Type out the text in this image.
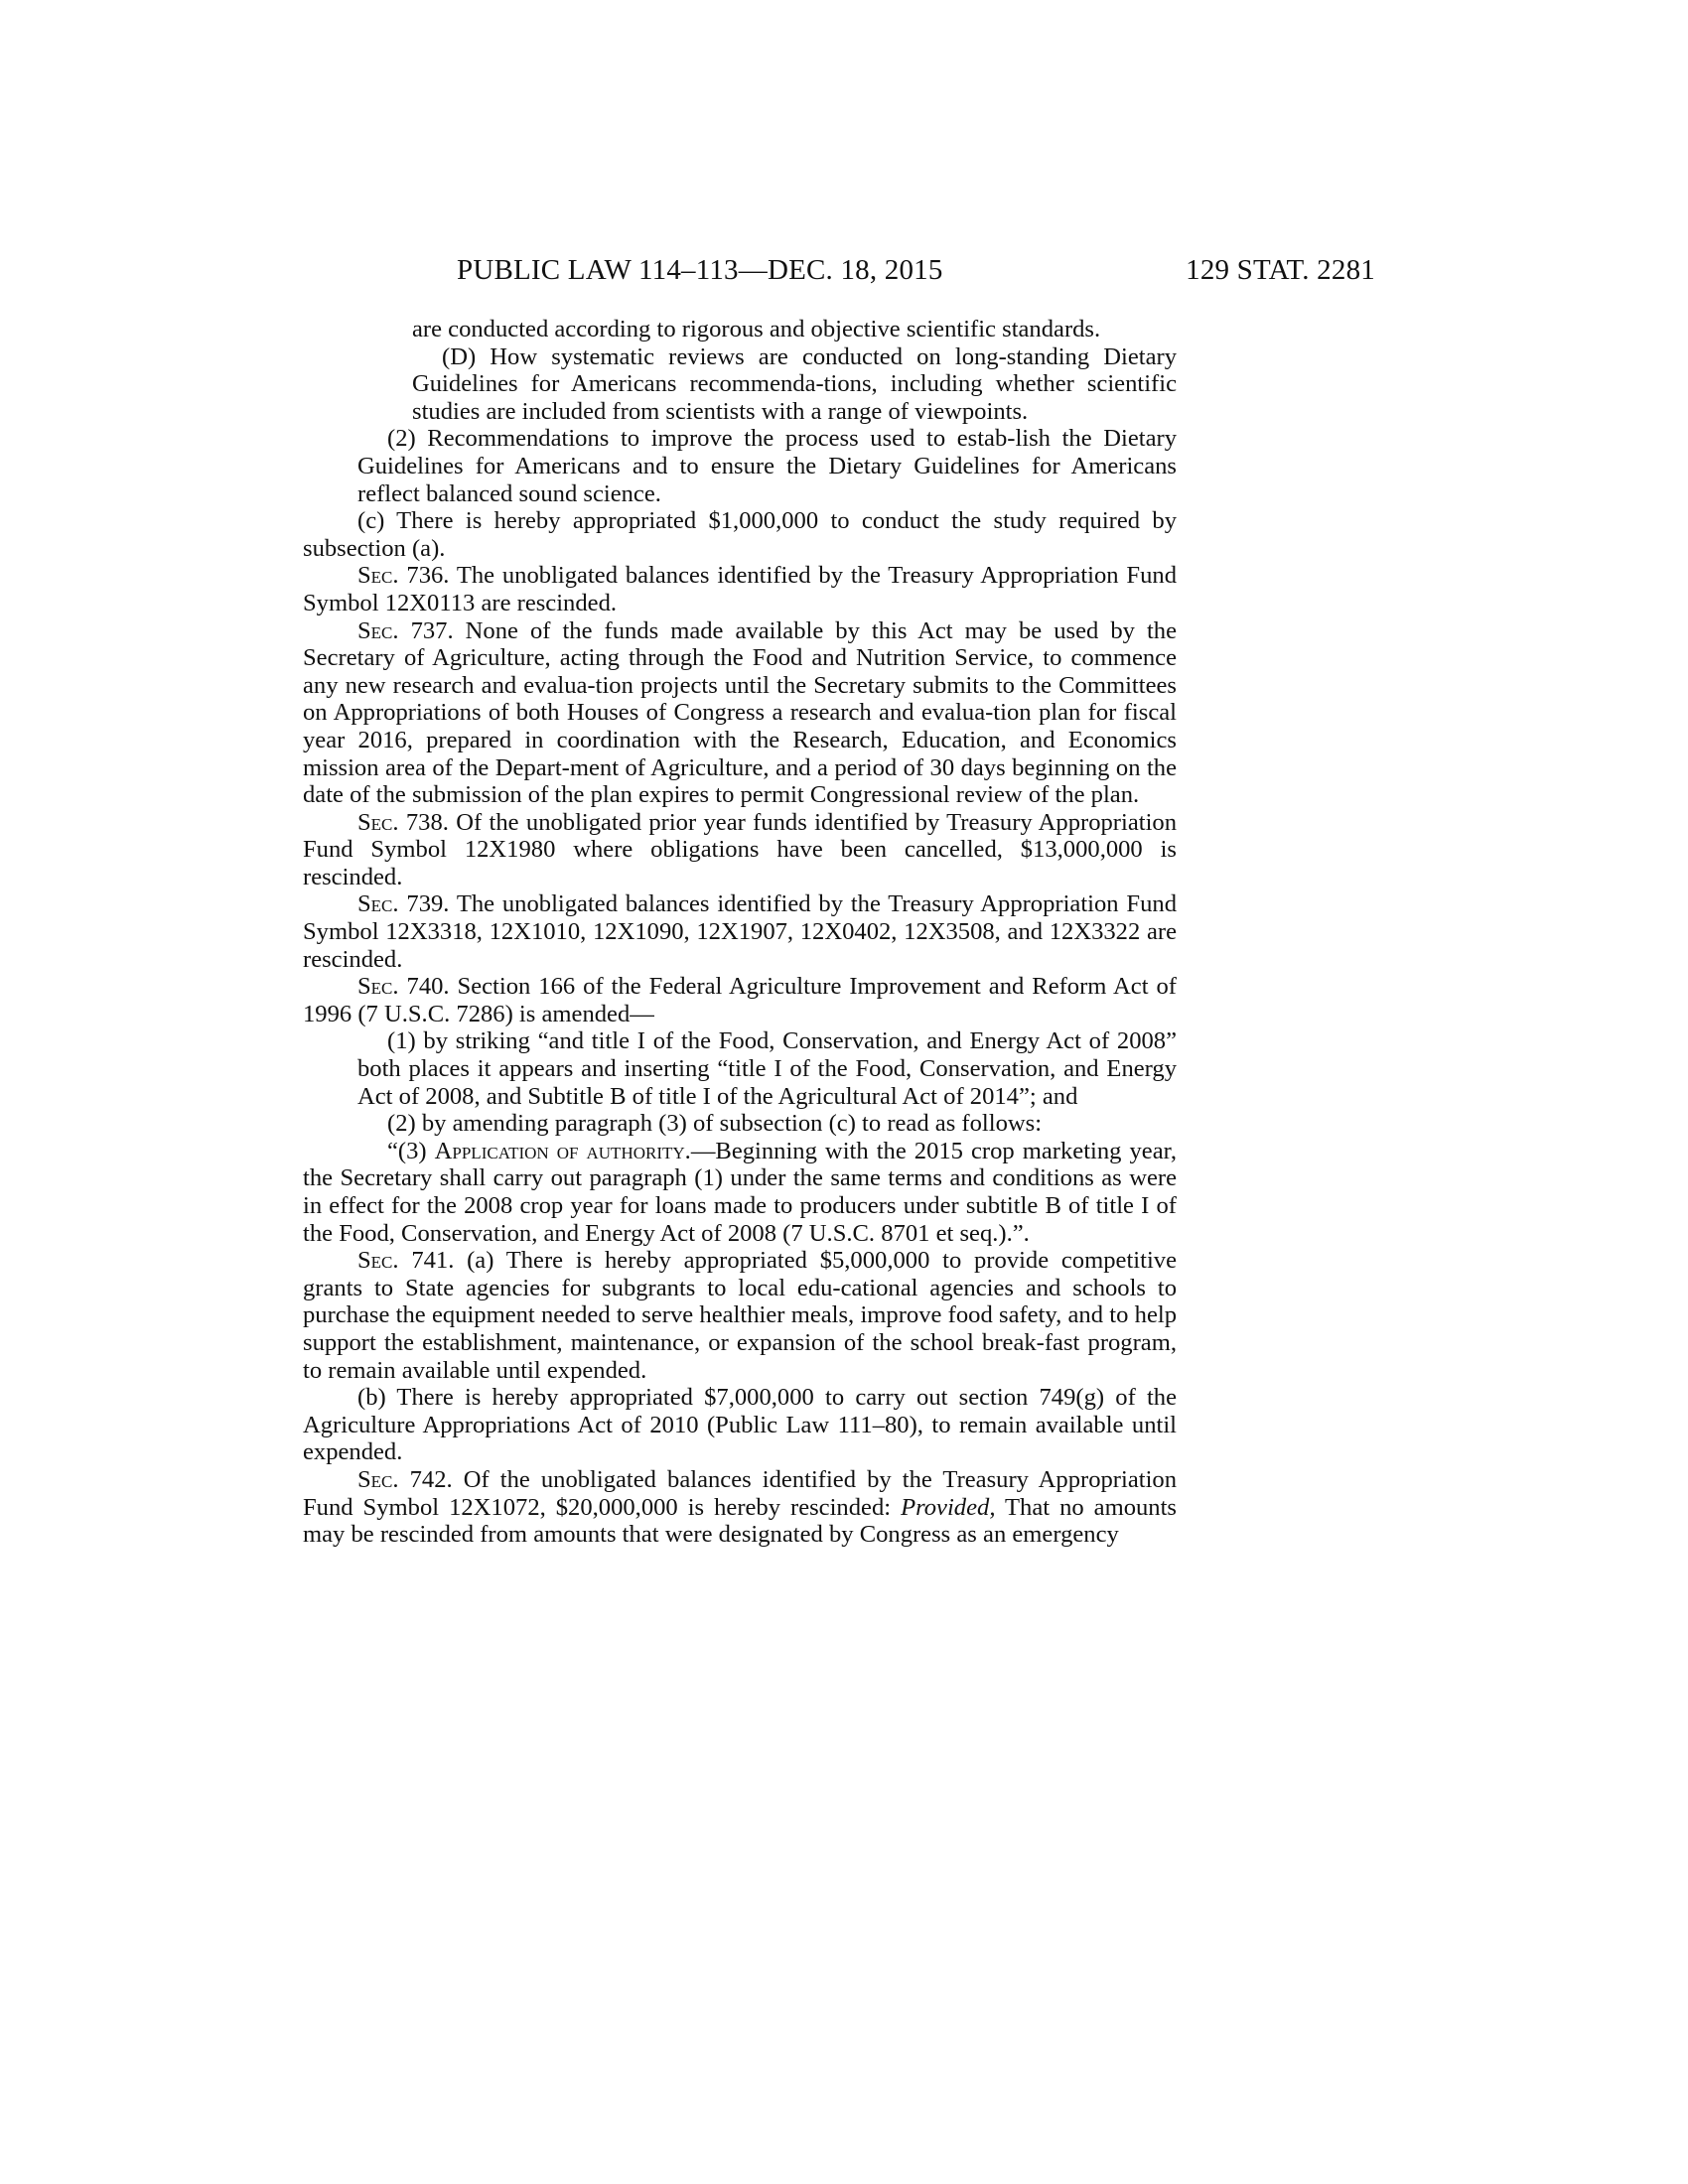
PUBLIC LAW 114–113—DEC. 18, 2015	129 STAT. 2281

are conducted according to rigorous and objective scientific standards.

(D) How systematic reviews are conducted on long-standing Dietary Guidelines for Americans recommenda-tions, including whether scientific studies are included from scientists with a range of viewpoints.

(2) Recommendations to improve the process used to estab-lish the Dietary Guidelines for Americans and to ensure the Dietary Guidelines for Americans reflect balanced sound science.

(c) There is hereby appropriated $1,000,000 to conduct the study required by subsection (a).

Sec. 736. The unobligated balances identified by the Treasury Appropriation Fund Symbol 12X0113 are rescinded.

Sec. 737. None of the funds made available by this Act may be used by the Secretary of Agriculture, acting through the Food and Nutrition Service, to commence any new research and evalua-tion projects until the Secretary submits to the Committees on Appropriations of both Houses of Congress a research and evalua-tion plan for fiscal year 2016, prepared in coordination with the Research, Education, and Economics mission area of the Depart-ment of Agriculture, and a period of 30 days beginning on the date of the submission of the plan expires to permit Congressional review of the plan.

Sec. 738. Of the unobligated prior year funds identified by Treasury Appropriation Fund Symbol 12X1980 where obligations have been cancelled, $13,000,000 is rescinded.

Sec. 739. The unobligated balances identified by the Treasury Appropriation Fund Symbol 12X3318, 12X1010, 12X1090, 12X1907, 12X0402, 12X3508, and 12X3322 are rescinded.

Sec. 740. Section 166 of the Federal Agriculture Improvement and Reform Act of 1996 (7 U.S.C. 7286) is amended—

(1) by striking “and title I of the Food, Conservation, and Energy Act of 2008” both places it appears and inserting “title I of the Food, Conservation, and Energy Act of 2008, and Subtitle B of title I of the Agricultural Act of 2014”; and

(2) by amending paragraph (3) of subsection (c) to read as follows:

“(3) Application of authority.—Beginning with the 2015 crop marketing year, the Secretary shall carry out paragraph (1) under the same terms and conditions as were in effect for the 2008 crop year for loans made to producers under subtitle B of title I of the Food, Conservation, and Energy Act of 2008 (7 U.S.C. 8701 et seq.).”.

Sec. 741. (a) There is hereby appropriated $5,000,000 to provide competitive grants to State agencies for subgrants to local edu-cational agencies and schools to purchase the equipment needed to serve healthier meals, improve food safety, and to help support the establishment, maintenance, or expansion of the school break-fast program, to remain available until expended.

(b) There is hereby appropriated $7,000,000 to carry out section 749(g) of the Agriculture Appropriations Act of 2010 (Public Law 111–80), to remain available until expended.

Sec. 742. Of the unobligated balances identified by the Treasury Appropriation Fund Symbol 12X1072, $20,000,000 is hereby rescinded: Provided, That no amounts may be rescinded from amounts that were designated by Congress as an emergency
